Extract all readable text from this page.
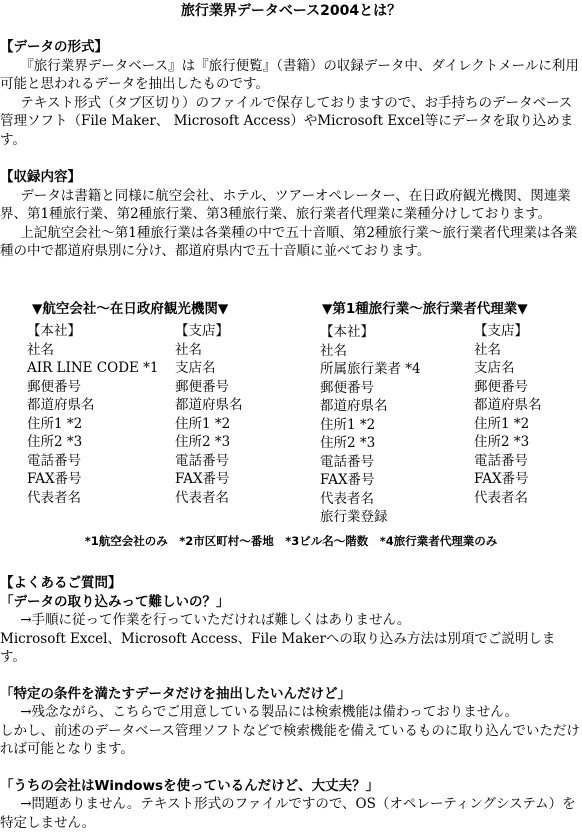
旅行業界データベース2004とは？
【データの形式】

『旅行業界データベース』は『旅行便覧』（書籍）の収録データ中、ダイレクトメールに利用可能と思われるデータを抽出したものです。

テキスト形式（タブ区切り）のファイルで保存しておりますので、お手持ちのデータベース管理ソフト（File Maker、 Microsoft Access）やMicrosoft Excel等にデータを取り込めます。

【収録内容】

データは書籍と同様に航空会社、ホテル、ツアーオペレーター、在日政府観光機関、関連業界、第1種旅行業、第2種旅行業、第3種旅行業、旅行業者代理業に業種分けしております。

上記航空会社～第1種旅行業は各業種の中で五十音順、第2種旅行業～旅行業者代理業は各業種の中で都道府県別に分け、都道府県内で五十音順に並べております。

▼航空会社～在日政府観光機関▼	▼第1種旅行業～旅行業者代理業▼
【本社】
社名
AIR LINE CODE *1
郵便番号
都道府県名
住所1 *2
住所2 *3
電話番号
FAX番号
代表者名
【支店】
社名
支店名
郵便番号
都道府県名
住所1 *2
住所2 *3
電話番号
FAX番号
代表者名
【本社】
社名
所属旅行業者 *4
郵便番号
都道府県名
住所1 *2
住所2 *3
電話番号
FAX番号
代表者名
旅行業登録
【支店】
社名
支店名
郵便番号
都道府県名
住所1 *2
住所2 *3
電話番号
FAX番号
代表者名
*1航空会社のみ　*2市区町村～番地　*3ビル名～階数　*4旅行業者代理業のみ
【よくあるご質問】
「データの取り込みって難しいの？」

→手順に従って作業を行っていただければ難しくはありません。

Microsoft Excel、Microsoft Access、File Makerへの取り込み方法は別項でご説明します。

「特定の条件を満たすデータだけを抽出したいんだけど」

→残念ながら、こちらでご用意している製品には検索機能は備わっておりません。

しかし、前述のデータベース管理ソフトなどで検索機能を備えているものに取り込んでいただければ可能となります。

「うちの会社はWindowsを使っているんだけど、大丈夫？」

→問題ありません。テキスト形式のファイルですので、OS（オペレーティングシステム）を特定しません。
